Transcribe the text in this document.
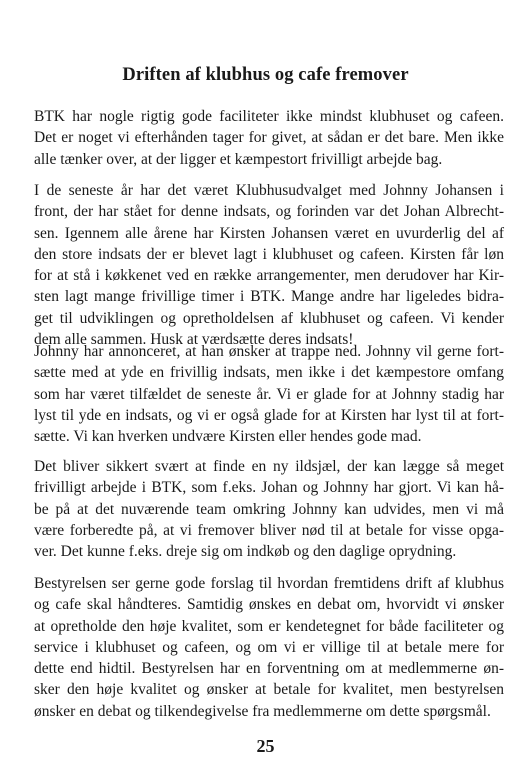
Driften af klubhus og cafe fremover
BTK har nogle rigtig gode faciliteter ikke mindst klubhuset og cafeen.
Det er noget vi efterhånden tager for givet, at sådan er det bare. Men ikke
alle tænker over, at der ligger et kæmpestort frivilligt arbejde bag.
I de seneste år har det været Klubhusudvalget med Johnny Johansen i
front, der har stået for denne indsats, og forinden var det Johan Albrecht-
sen. Igennem alle årene har Kirsten Johansen været en uvurderlig del af
den store indsats der er blevet lagt i klubhuset og cafeen. Kirsten får løn
for at stå i køkkenet ved en række arrangementer, men derudover har Kir-
sten lagt mange frivillige timer i BTK. Mange andre har ligeledes bidra-
get til udviklingen og opretholdelsen af klubhuset og cafeen. Vi kender
dem alle sammen. Husk at værdsætte deres indsats!
Johnny har annonceret, at han ønsker at trappe ned. Johnny vil gerne fort-
sætte med at yde en frivillig indsats, men ikke i det kæmpestore omfang
som har været tilfældet de seneste år. Vi er glade for at Johnny stadig har
lyst til yde en indsats, og vi er også glade for at Kirsten har lyst til at fort-
sætte. Vi kan hverken undvære Kirsten eller hendes gode mad.
Det bliver sikkert svært at finde en ny ildsjæl, der kan lægge så meget
frivilligt arbejde i BTK, som f.eks. Johan og Johnny har gjort. Vi kan hå-
be på at det nuværende team omkring Johnny kan udvides, men vi må
være forberedte på, at vi fremover bliver nød til at betale for visse opga-
ver. Det kunne f.eks. dreje sig om indkøb og den daglige oprydning.
Bestyrelsen ser gerne gode forslag til hvordan fremtidens drift af klubhus
og cafe skal håndteres. Samtidig ønskes en debat om, hvorvidt vi ønsker
at opretholde den høje kvalitet, som er kendetegnet for både faciliteter og
service i klubhuset og cafeen, og om vi er villige til at betale mere for
dette end hidtil. Bestyrelsen har en forventning om at medlemmerne øn-
sker den høje kvalitet og ønsker at betale for kvalitet, men bestyrelsen
ønsker en debat og tilkendegivelse fra medlemmerne om dette spørgsmål.
25
